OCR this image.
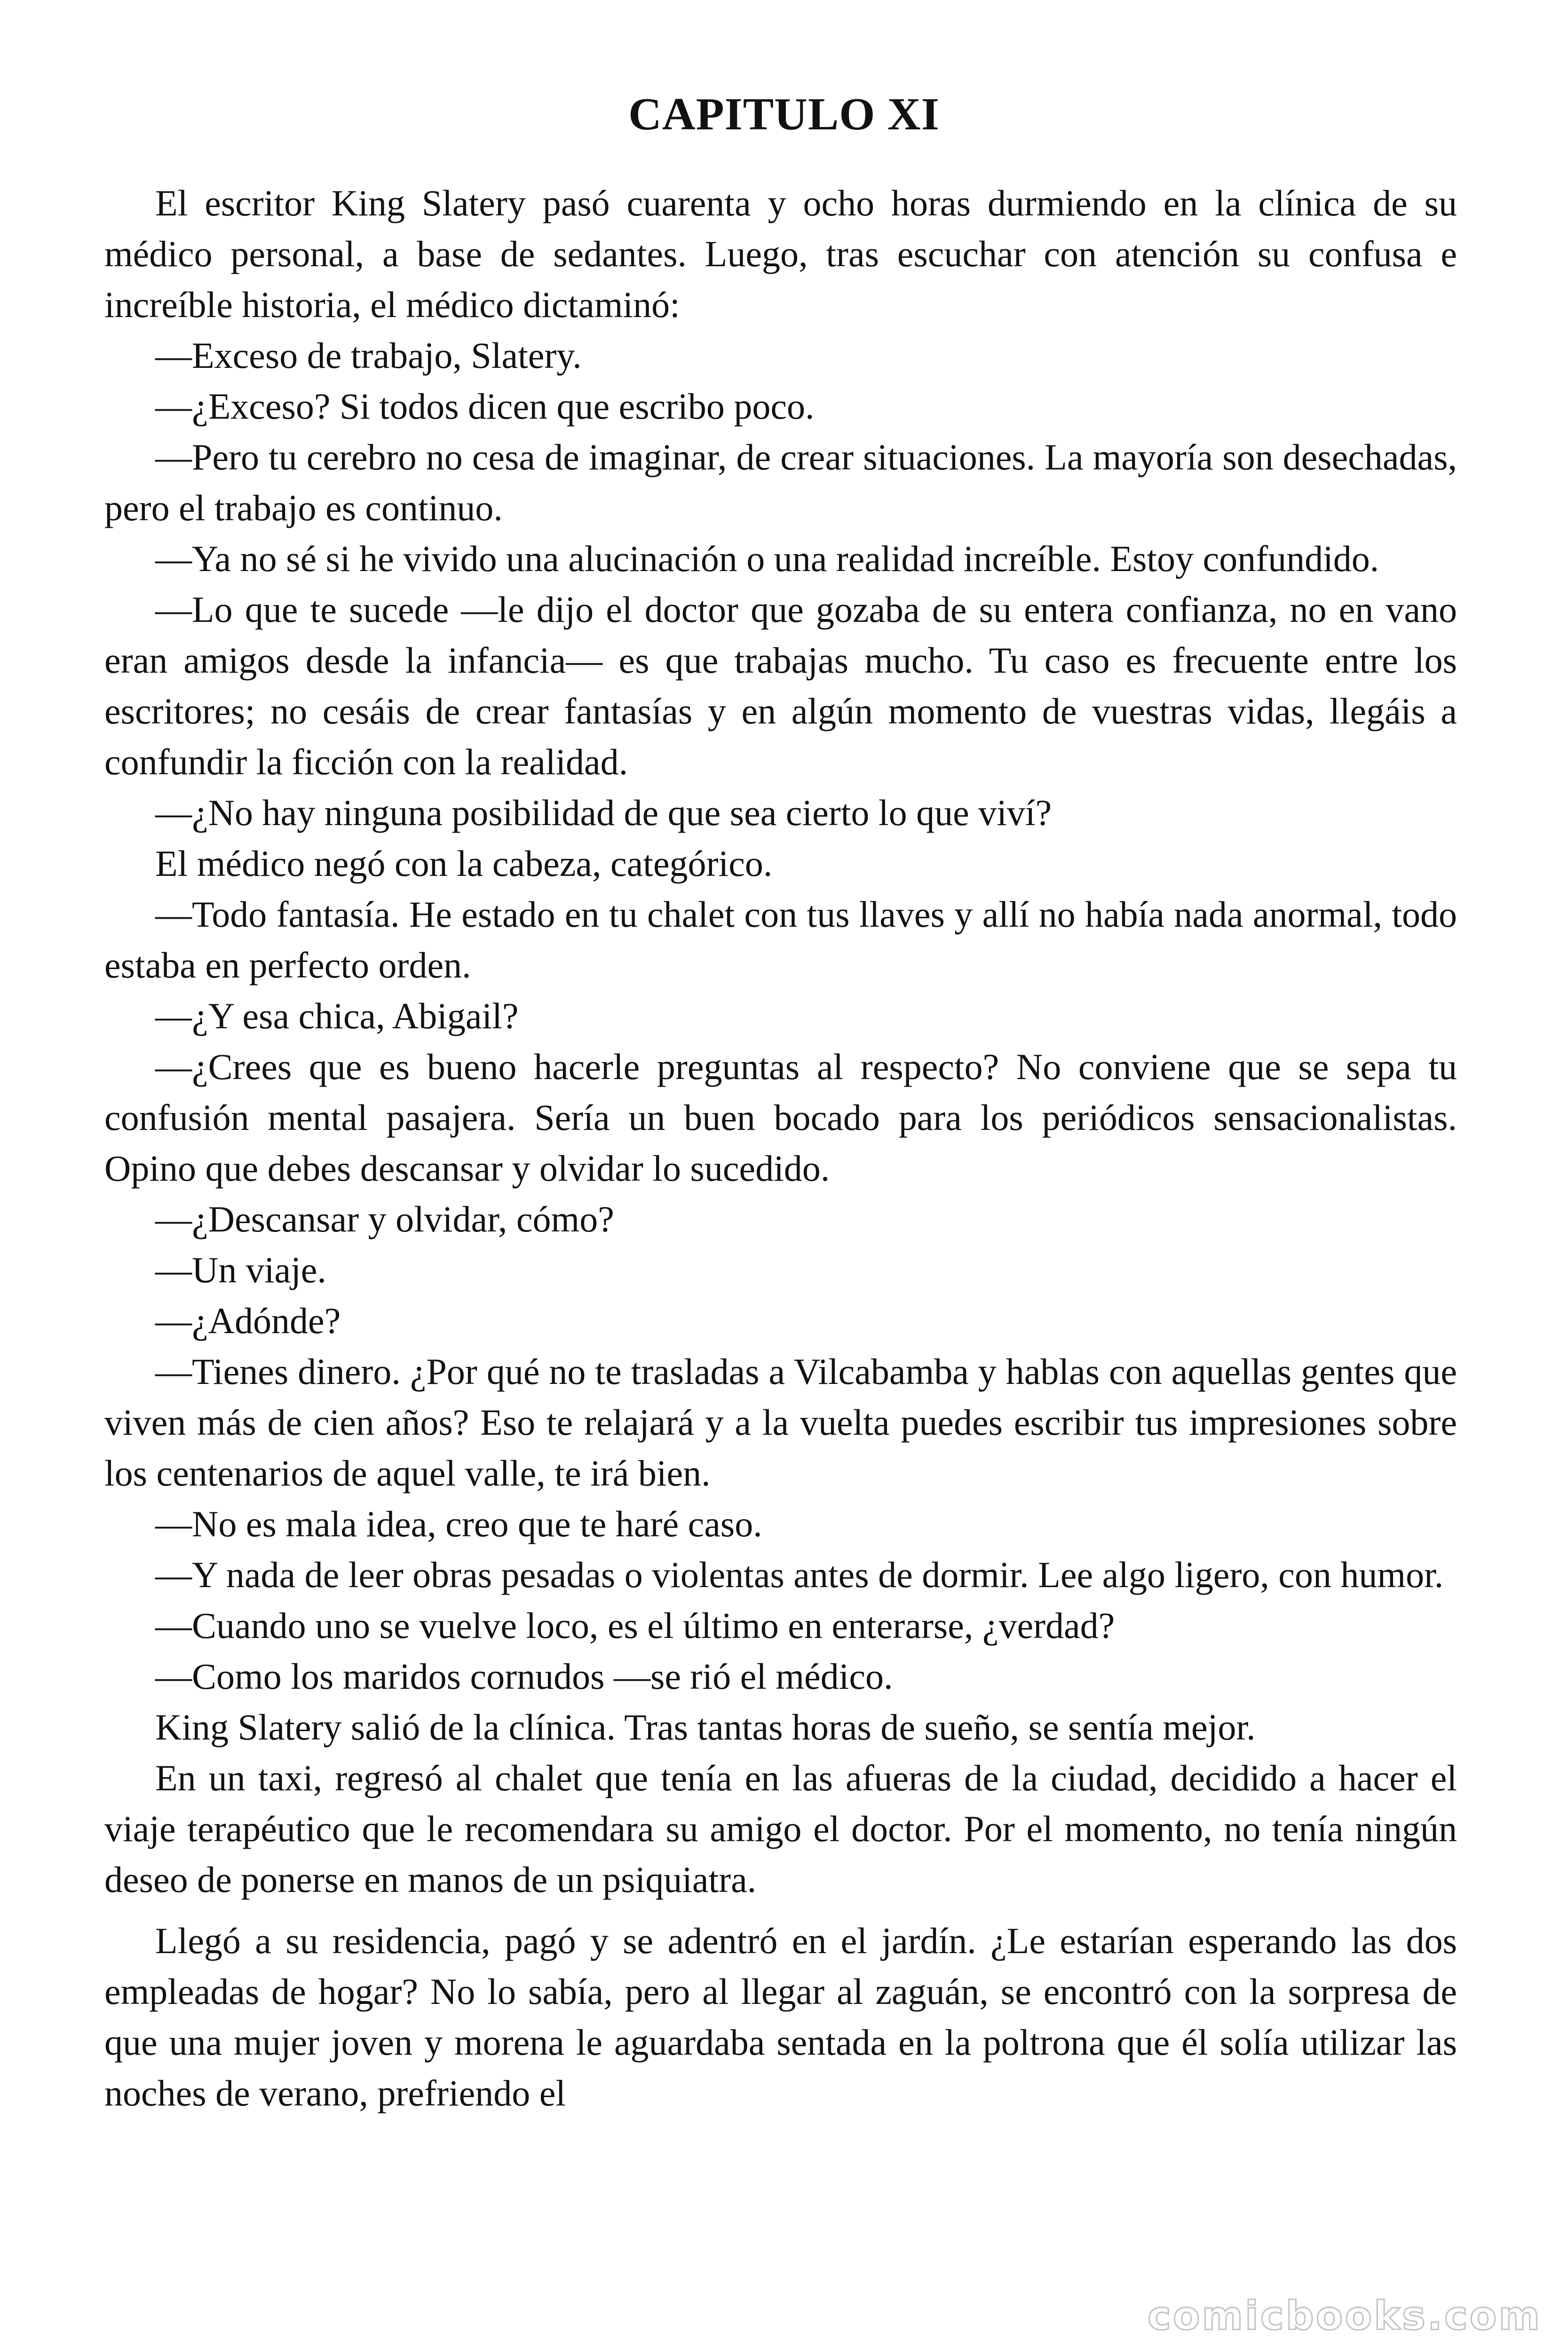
CAPITULO XI

El escritor King Slatery pasó cuarenta y ocho horas durmiendo en la clínica de su médico personal, a base de sedantes. Luego, tras escuchar con atención su confusa e increíble historia, el médico dictaminó:

—Exceso de trabajo, Slatery.

—¿Exceso? Si todos dicen que escribo poco.

—Pero tu cerebro no cesa de imaginar, de crear situaciones. La mayoría son desechadas, pero el trabajo es continuo.

—Ya no sé si he vivido una alucinación o una realidad increíble. Estoy confundido.

—Lo que te sucede —le dijo el doctor que gozaba de su entera confianza, no en vano eran amigos desde la infancia— es que trabajas mucho. Tu caso es frecuente entre los escritores; no cesáis de crear fantasías y en algún momento de vuestras vidas, llegáis a confundir la ficción con la realidad.

—¿No hay ninguna posibilidad de que sea cierto lo que viví?

El médico negó con la cabeza, categórico.

—Todo fantasía. He estado en tu chalet con tus llaves y allí no había nada anormal, todo estaba en perfecto orden.

—¿Y esa chica, Abigail?

—¿Crees que es bueno hacerle preguntas al respecto? No conviene que se sepa tu confusión mental pasajera. Sería un buen bocado para los periódicos sensacionalistas. Opino que debes descansar y olvidar lo sucedido.

—¿Descansar y olvidar, cómo?

—Un viaje.

—¿Adónde?

—Tienes dinero. ¿Por qué no te trasladas a Vilcabamba y hablas con aquellas gentes que viven más de cien años? Eso te relajará y a la vuelta puedes escribir tus impresiones sobre los centenarios de aquel valle, te irá bien.

—No es mala idea, creo que te haré caso.

—Y nada de leer obras pesadas o violentas antes de dormir. Lee algo ligero, con humor.

—Cuando uno se vuelve loco, es el último en enterarse, ¿verdad?

—Como los maridos cornudos —se rió el médico.

King Slatery salió de la clínica. Tras tantas horas de sueño, se sentía mejor.

En un taxi, regresó al chalet que tenía en las afueras de la ciudad, decidido a hacer el viaje terapéutico que le recomendara su amigo el doctor. Por el momento, no tenía ningún deseo de ponerse en manos de un psiquiatra.

Llegó a su residencia, pagó y se adentró en el jardín. ¿Le estarían esperando las dos empleadas de hogar? No lo sabía, pero al llegar al zaguán, se encontró con la sorpresa de que una mujer joven y morena le aguardaba sentada en la poltrona que él solía utilizar las noches de verano, prefriendo el

comicbooks.com
